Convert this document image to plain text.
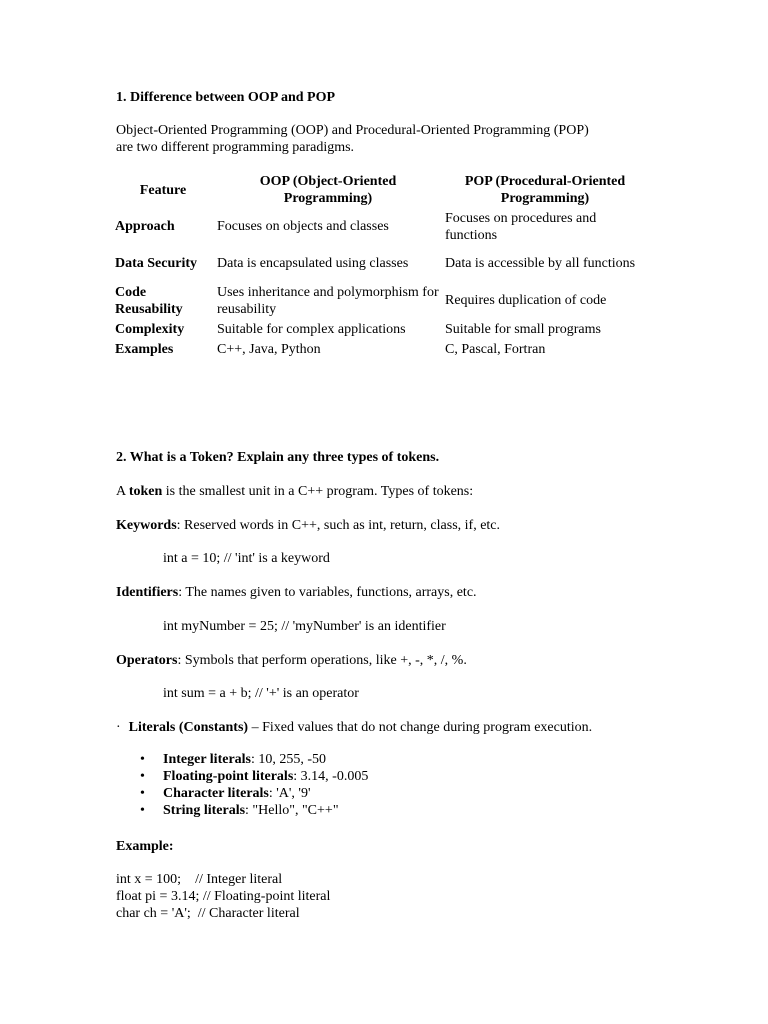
1. Difference between OOP and POP

Object-Oriented Programming (OOP) and Procedural-Oriented Programming (POP)

are two different programming paradigms.

Feature	OOP (Object-Oriented Programming)	POP (Procedural-Oriented Programming)
Approach	Focuses on objects and classes	Focuses on procedures and functions
Data Security	Data is encapsulated using classes	Data is accessible by all functions
Code Reusability	Uses inheritance and polymorphism for reusability	Requires duplication of code
Complexity	Suitable for complex applications	Suitable for small programs
Examples	C++, Java, Python	C, Pascal, Fortran
2. What is a Token? Explain any three types of tokens.

A token is the smallest unit in a C++ program. Types of tokens:

Keywords: Reserved words in C++, such as int, return, class, if, etc.

int a = 10; // 'int' is a keyword

Identifiers: The names given to variables, functions, arrays, etc.

int myNumber = 25; // 'myNumber' is an identifier

Operators: Symbols that perform operations, like +, -, *, /, %.

int sum = a + b; // '+' is an operator

· Literals (Constants) – Fixed values that do not change during program execution.

• Integer literals: 10, 255, -50
• Floating-point literals: 3.14, -0.005
• Character literals: 'A', '9'
• String literals: "Hello", "C++"

Example:

int x = 100;    // Integer literal

float pi = 3.14; // Floating-point literal

char ch = 'A';  // Character literal
